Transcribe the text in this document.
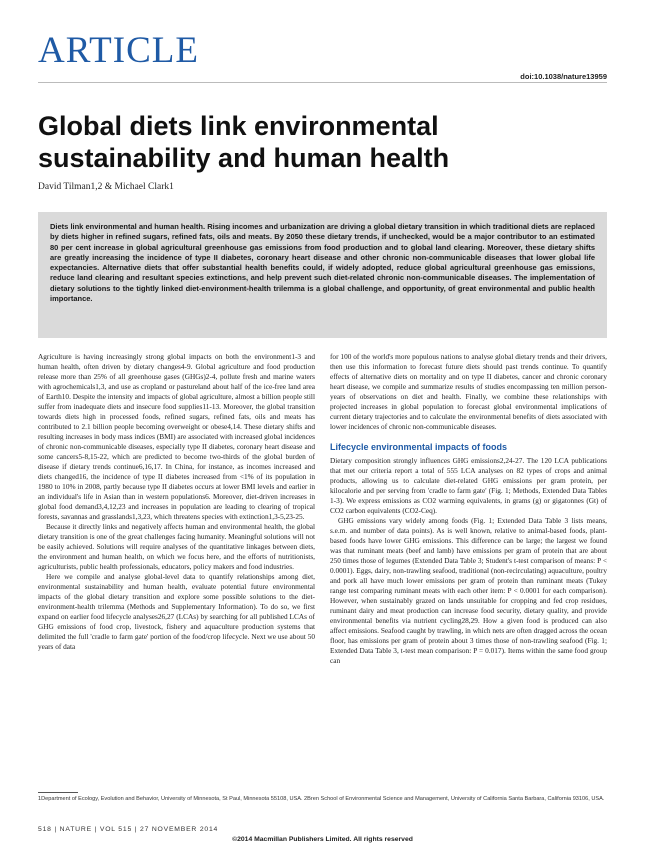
ARTICLE
doi:10.1038/nature13959
Global diets link environmental sustainability and human health
David Tilman1,2 & Michael Clark1
Diets link environmental and human health. Rising incomes and urbanization are driving a global dietary transition in which traditional diets are replaced by diets higher in refined sugars, refined fats, oils and meats. By 2050 these dietary trends, if unchecked, would be a major contributor to an estimated 80 per cent increase in global agricultural greenhouse gas emissions from food production and to global land clearing. Moreover, these dietary shifts are greatly increasing the incidence of type II diabetes, coronary heart disease and other chronic non-communicable diseases that lower global life expectancies. Alternative diets that offer substantial health benefits could, if widely adopted, reduce global agricultural greenhouse gas emissions, reduce land clearing and resultant species extinctions, and help prevent such diet-related chronic non-communicable diseases. The implementation of dietary solutions to the tightly linked diet-environment-health trilemma is a global challenge, and opportunity, of great environmental and public health importance.

Agriculture is having increasingly strong global impacts on both the environment1-3 and human health, often driven by dietary changes4-9. Global agriculture and food production release more than 25% of all greenhouse gases (GHGs)2-4, pollute fresh and marine waters with agrochemicals1,3, and use as cropland or pastureland about half of the ice-free land area of Earth10. Despite the intensity and impacts of global agriculture, almost a billion people still suffer from inadequate diets and insecure food supplies11-13. Moreover, the global transition towards diets high in processed foods, refined sugars, refined fats, oils and meats has contributed to 2.1 billion people becoming overweight or obese4,14. These dietary shifts and resulting increases in body mass indices (BMI) are associated with increased global incidences of chronic non-communicable diseases, especially type II diabetes, coronary heart disease and some cancers5-8,15-22, which are predicted to become two-thirds of the global burden of disease if dietary trends continue6,16,17. In China, for instance, as incomes increased and diets changed16, the incidence of type II diabetes increased from <1% of its population in 1980 to 10% in 2008, partly because type II diabetes occurs at lower BMI levels and earlier in an individual's life in Asian than in western populations6. Moreover, diet-driven increases in global food demand3,4,12,23 and increases in population are leading to clearing of tropical forests, savannas and grasslands1,3,23, which threatens species with extinction1,3-5,23-25.

Because it directly links and negatively affects human and environmental health, the global dietary transition is one of the great challenges facing humanity. Meaningful solutions will not be easily achieved. Solutions will require analyses of the quantitative linkages between diets, the environment and human health, on which we focus here, and the efforts of nutritionists, agriculturists, public health professionals, educators, policy makers and food industries.

Here we compile and analyse global-level data to quantify relationships among diet, environmental sustainability and human health, evaluate potential future environmental impacts of the global dietary transition and explore some possible solutions to the diet-environment-health trilemma (Methods and Supplementary Information). To do so, we first expand on earlier food lifecycle analyses26,27 (LCAs) by searching for all published LCAs of GHG emissions of food crop, livestock, fishery and aquaculture production systems that delimited the full 'cradle to farm gate' portion of the food/crop lifecycle. Next we use about 50 years of data

for 100 of the world's more populous nations to analyse global dietary trends and their drivers, then use this information to forecast future diets should past trends continue. To quantify effects of alternative diets on mortality and on type II diabetes, cancer and chronic coronary heart disease, we compile and summarize results of studies encompassing ten million person-years of observations on diet and health. Finally, we combine these relationships with projected increases in global population to forecast global environmental implications of current dietary trajectories and to calculate the environmental benefits of diets associated with lower incidences of chronic non-communicable diseases.

Lifecycle environmental impacts of foods

Dietary composition strongly influences GHG emissions2,24-27. The 120 LCA publications that met our criteria report a total of 555 LCA analyses on 82 types of crops and animal products, allowing us to calculate diet-related GHG emissions per gram protein, per kilocalorie and per serving from 'cradle to farm gate' (Fig. 1; Methods, Extended Data Tables 1-3). We express emissions as CO2 warming equivalents, in grams (g) or gigatonnes (Gt) of CO2 carbon equivalents (CO2-Ceq).

GHG emissions vary widely among foods (Fig. 1; Extended Data Table 3 lists means, s.e.m. and number of data points). As is well known, relative to animal-based foods, plant-based foods have lower GHG emissions. This difference can be large; the largest we found was that ruminant meats (beef and lamb) have emissions per gram of protein that are about 250 times those of legumes (Extended Data Table 3; Student's t-test comparison of means: P < 0.0001). Eggs, dairy, non-trawling seafood, traditional (non-recirculating) aquaculture, poultry and pork all have much lower emissions per gram of protein than ruminant meats (Tukey range test comparing ruminant meats with each other item: P < 0.0001 for each comparison). However, when sustainably grazed on lands unsuitable for cropping and fed crop residues, ruminant dairy and meat production can increase food security, dietary quality, and provide environmental benefits via nutrient cycling28,29. How a given food is produced can also affect emissions. Seafood caught by trawling, in which nets are often dragged across the ocean floor, has emissions per gram of protein about 3 times those of non-trawling seafood (Fig. 1; Extended Data Table 3, t-test mean comparison: P = 0.017). Items within the same food group can

1Department of Ecology, Evolution and Behavior, University of Minnesota, St Paul, Minnesota 55108, USA. 2Bren School of Environmental Science and Management, University of California Santa Barbara, California 93106, USA.
518 | NATURE | VOL 515 | 27 NOVEMBER 2014
©2014 Macmillan Publishers Limited. All rights reserved
